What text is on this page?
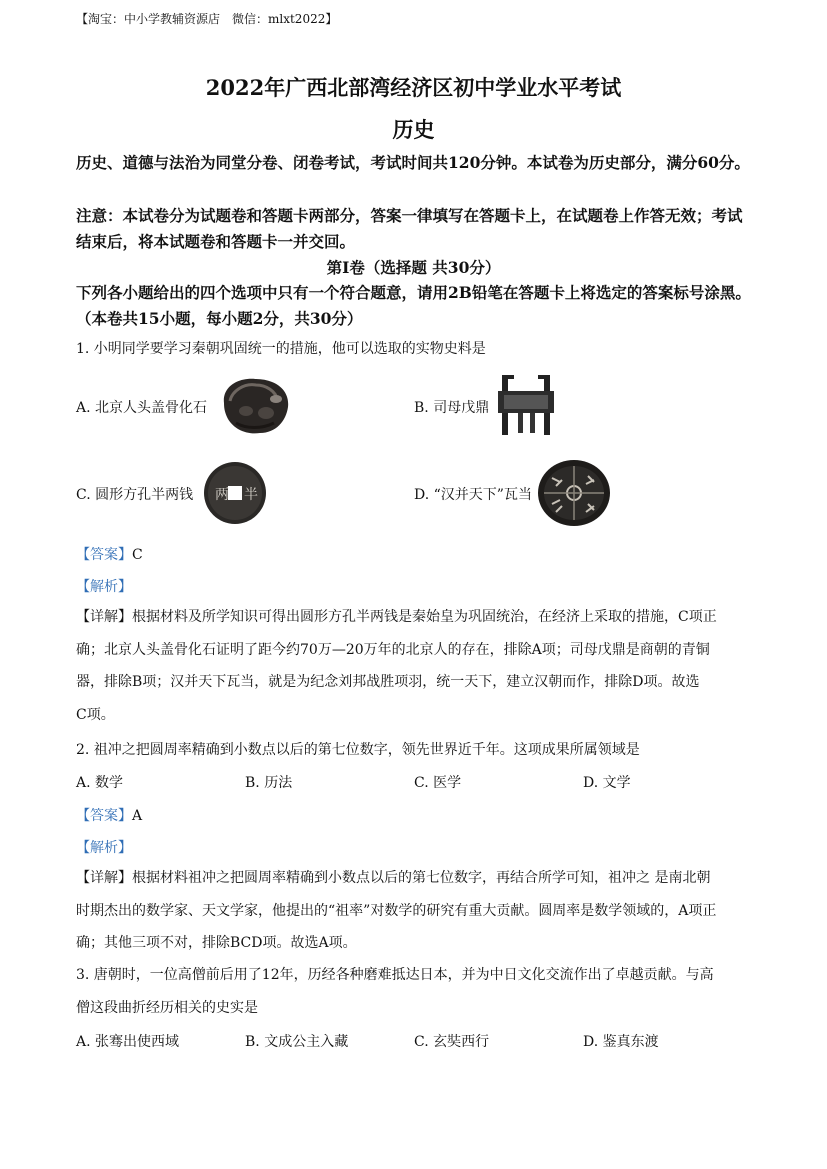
【淘宝：中小学教辅资源店　微信：mlxt2022】
2022年广西北部湾经济区初中学业水平考试
历史
历史、道德与法治为同堂分卷、闭卷考试，考试时间共120分钟。本试卷为历史部分，满分60分。
注意：本试卷分为试题卷和答题卡两部分，答案一律填写在答题卡上，在试题卷上作答无效；考试结束后，将本试题卷和答题卡一并交回。
第Ⅰ卷（选择题 共30分）
下列各小题给出的四个选项中只有一个符合题意，请用2B铅笔在答题卡上将选定的答案标号涂黑。（本卷共15小题，每小题2分，共30分）
1. 小明同学要学习秦朝巩固统一的措施，他可以选取的实物史料是
A. 北京人头盖骨化石	B. 司母戊鼎
C. 圆形方孔半两钱 两 半	D. “汉并天下”瓦当
【答案】C
【解析】
【详解】根据材料及所学知识可得出圆形方孔半两钱是秦始皇为巩固统治，在经济上采取的措施，C项正
确；北京人头盖骨化石证明了距今约70万—20万年的北京人的存在，排除A项；司母戊鼎是商朝的青铜
器，排除B项；汉并天下瓦当，就是为纪念刘邦战胜项羽，统一天下，建立汉朝而作，排除D项。故选
C项。
2. 祖冲之把圆周率精确到小数点以后的第七位数字，领先世界近千年。这项成果所属领域是
A. 数学	B. 历法	C. 医学	D. 文学
【答案】A
【解析】
【详解】根据材料祖冲之把圆周率精确到小数点以后的第七位数字，再结合所学可知，祖冲之 是南北朝
时期杰出的数学家、天文学家，他提出的“祖率”对数学的研究有重大贡献。圆周率是数学领域的，A项正
确；其他三项不对，排除BCD项。故选A项。
3. 唐朝时，一位高僧前后用了12年，历经各种磨难抵达日本，并为中日文化交流作出了卓越贡献。与高
僧这段曲折经历相关的史实是
A. 张骞出使西域	B. 文成公主入藏	C. 玄奘西行	D. 鉴真东渡
